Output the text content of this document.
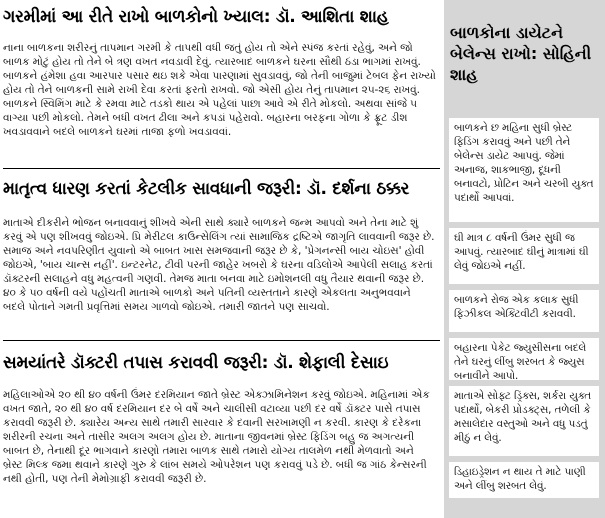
ગરમીમાં આ રીતે રાખો બાળકોનો ખ્યાલ: ડૉ. આશિતા શાહ
નાના બાળકના શરીરનું તાપમાન ગરમી કે તાપથી વધી જતું હોય તો એને સ્પંજ કરતાં રહેવું, અને જો બાળક મોટું હોય તો તેને બે ત્રણ વખત નવડાવી દેવું. ત્યારબાદ બાળકને ઘરના સૌથી ઠંડા ભાગમાં રાખવું. બાળકને હંમેશા હવા આરપાર પસાર થઇ શકે એવા પારણામાં સુવડાવવું, જો તેની બાજુમાં ટેબલ ફેન રાખ્યો હોય તો તેને બાળકની સામે રાખી દેવા કરતાં ફરતો રાખવો. જો એસી હોય તેનું તાપમાન ૨૫-૨૬ રાખવું. બાળકને સ્વિમિંગ માટે કે રમવા માટે તડકો થાય એ પહેલાં પાછા આવે એ રીતે મોકલો. અથવા સાંજે ૫ વાગ્યા પછી મોકલો. તેમને બધી વખત ઢીલા અને કપડાં પહેરાવો. બહારના બરફના ગોળા કે ફ્રૂટ ડીશ ખવડાવવાને બદલે બાળકને ઘરમાં તાજા ફળો ખવડાવવાં.
માતૃત્વ ધારણ કરતાં કેટલીક સાવધાની જરૂરી: ડૉ. દર્શના ઠક્કર
માતાએ દીકરીને ભોજન બનાવવાનું શીખવે એની સાથે ક્યારે બાળકને જન્મ આપવો અને તેના માટે શું કરવું એ પણ શીખવવું જોઇએ. પ્રિ મેરીટલ કાઉન્સેલિંગ ત્યાં સામાજિક દ્રષ્ટિએ જાગૃતિ લાવવાની જરૂર છે. સમાજ અને નવપરિણીત યુવાનો એ બાબત ખાસ સમજવાની જરૂર છે કે, 'પ્રેગનન્સી બાય ચોઇસ' હોવી જોઇએ, 'બાય ચાન્સ નહીં'. ઇન્ટરનેટ, ટીવી પરની જાહેર ખબરો કે ઘરના વડિલોએ આપેલી સલાહ કરતાં ડૉક્ટરની સલાહને વધુ મહત્વની ગણવી. તેમજ માતા બનવા માટે ઇમોશનલી વધુ તૈયાર થવાની જરૂર છે. ૪૦ કે ૫૦ વર્ષની વયે પહોંચતી માતાએ બાળકો અને પતિની વ્યસ્તતાને કારણે એકલતા અનુભવવાને બદલે પોતાને ગમતી પ્રવૃત્તિમાં સમય ગાળવો જોઇએ. તમારી જાતને પણ સાચવો.
સમયાંતરે ડૉક્ટરી તપાસ કરાવવી જરૂરી: ડૉ. શેફાલી દેસાઇ
મહિલાઓએ ૨૦ થી ૪૦ વર્ષની ઉંમર દરમિયાન જાતે બ્રેસ્ટ એક્ઝામિનેશન કરવું જોઇએ. મહિનામાં એક વખત જાતે, ૨૦ થી ૪૦ વર્ષ દરમિયાન દર બે વર્ષે અને ચાલીસી વટાવ્યા પછી દર વર્ષે ડૉક્ટર પાસે તપાસ કરાવવી જરૂરી છે. ક્યારેય અન્ય સાથે તમારી સારવાર કે દવાની સરખામણી ન કરવી. કારણ કે દરેકના શરીરની રચના અને તાસીર અલગ અલગ હોય છે. માતાના જીવનમાં બ્રેસ્ટ ફિડિંગ બહુ જ અગત્યની બાબત છે, તેનાથી દૂર ભાગવાને કારણો તમારા બાળક સાથે તમારો યોગ્ય તાલમેળ નથી મેળવાતો અને બ્રેસ્ટ મિલ્ક જમા થવાને કારણે ગુરુ કે લાંબ સમયે ઓપરેશન પણ કરાવવું પડે છે. બધી જ ગાંઠ કેન્સરની નથી હોતી, પણ તેની મેમોગ્રાફી કરાવવી જરૂરી છે.
બાળકોના ડાયેટને બેલેન્સ રાખો: સોહિની શાહ
બાળકને છ મહિના સુધી બ્રેસ્ટ ફિડિંગ કરાવવું અને પછી તેને બેલેન્સ ડાયેટ આપવું. જેમાં અનાજ, શાકભાજી, દૂધની બનાવટો, પ્રોટિન અને ચરબી યુક્ત પદાર્થો આપવાં.
ઘી માત્ર ૮ વર્ષની ઉંમર સુધી જ આપવું. ત્યારબાદ ઘીનું માત્રામાં ઘી લેવું જોઇએ નહીં.
બાળકને રોજ એક કલાક સુધી ફિઝીકલ એક્ટિવીટી કરાવવી.
બહારના પેકેટ જ્યુસીસના બદલે તેને ઘરનું લીંબુ શરબત કે જ્યુસ બનાવીને આપો.
માતાએ સોફ્ટ ડ્રિંક્સ, શર્કરા યુક્ત પદાર્થો, બેકરી પ્રોડક્ટ્સ, તળેલી કે મસાલેદાર વસ્તુઓ અને વધુ પડતું મીઠું ન લેવું.
ડિહાઇડ્રેશન ન થાય તે માટે પાણી અને લીંબુ શરબત લેવું.
